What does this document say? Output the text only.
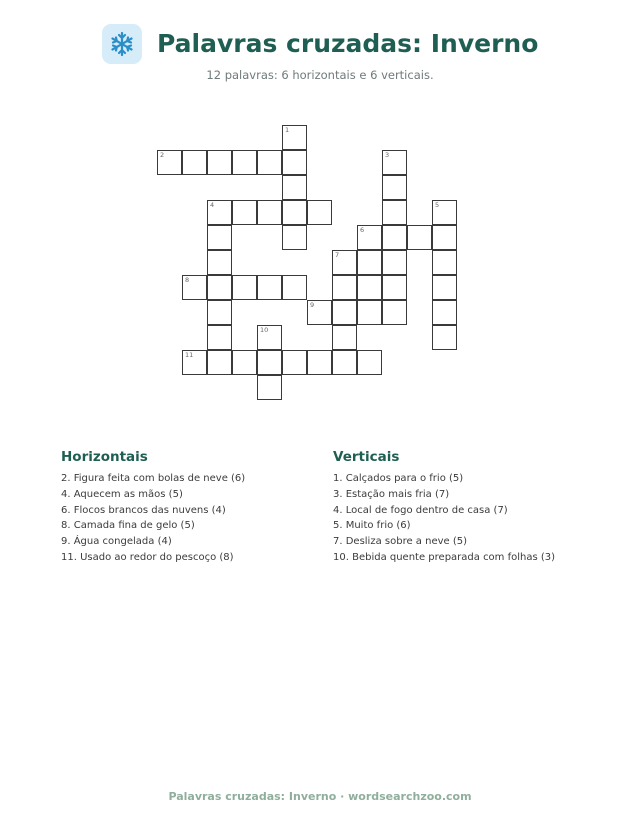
Palavras cruzadas: Inverno
12 palavras: 6 horizontais e 6 verticais.
1
2	3
4	5
6
7
8
9
10
11
Horizontais
2. Figura feita com bolas de neve (6)
4. Aquecem as mãos (5)
6. Flocos brancos das nuvens (4)
8. Camada fina de gelo (5)
9. Água congelada (4)
11. Usado ao redor do pescoço (8)
Verticais
1. Calçados para o frio (5)
3. Estação mais fria (7)
4. Local de fogo dentro de casa (7)
5. Muito frio (6)
7. Desliza sobre a neve (5)
10. Bebida quente preparada com folhas (3)
Palavras cruzadas: Inverno · wordsearchzoo.com
